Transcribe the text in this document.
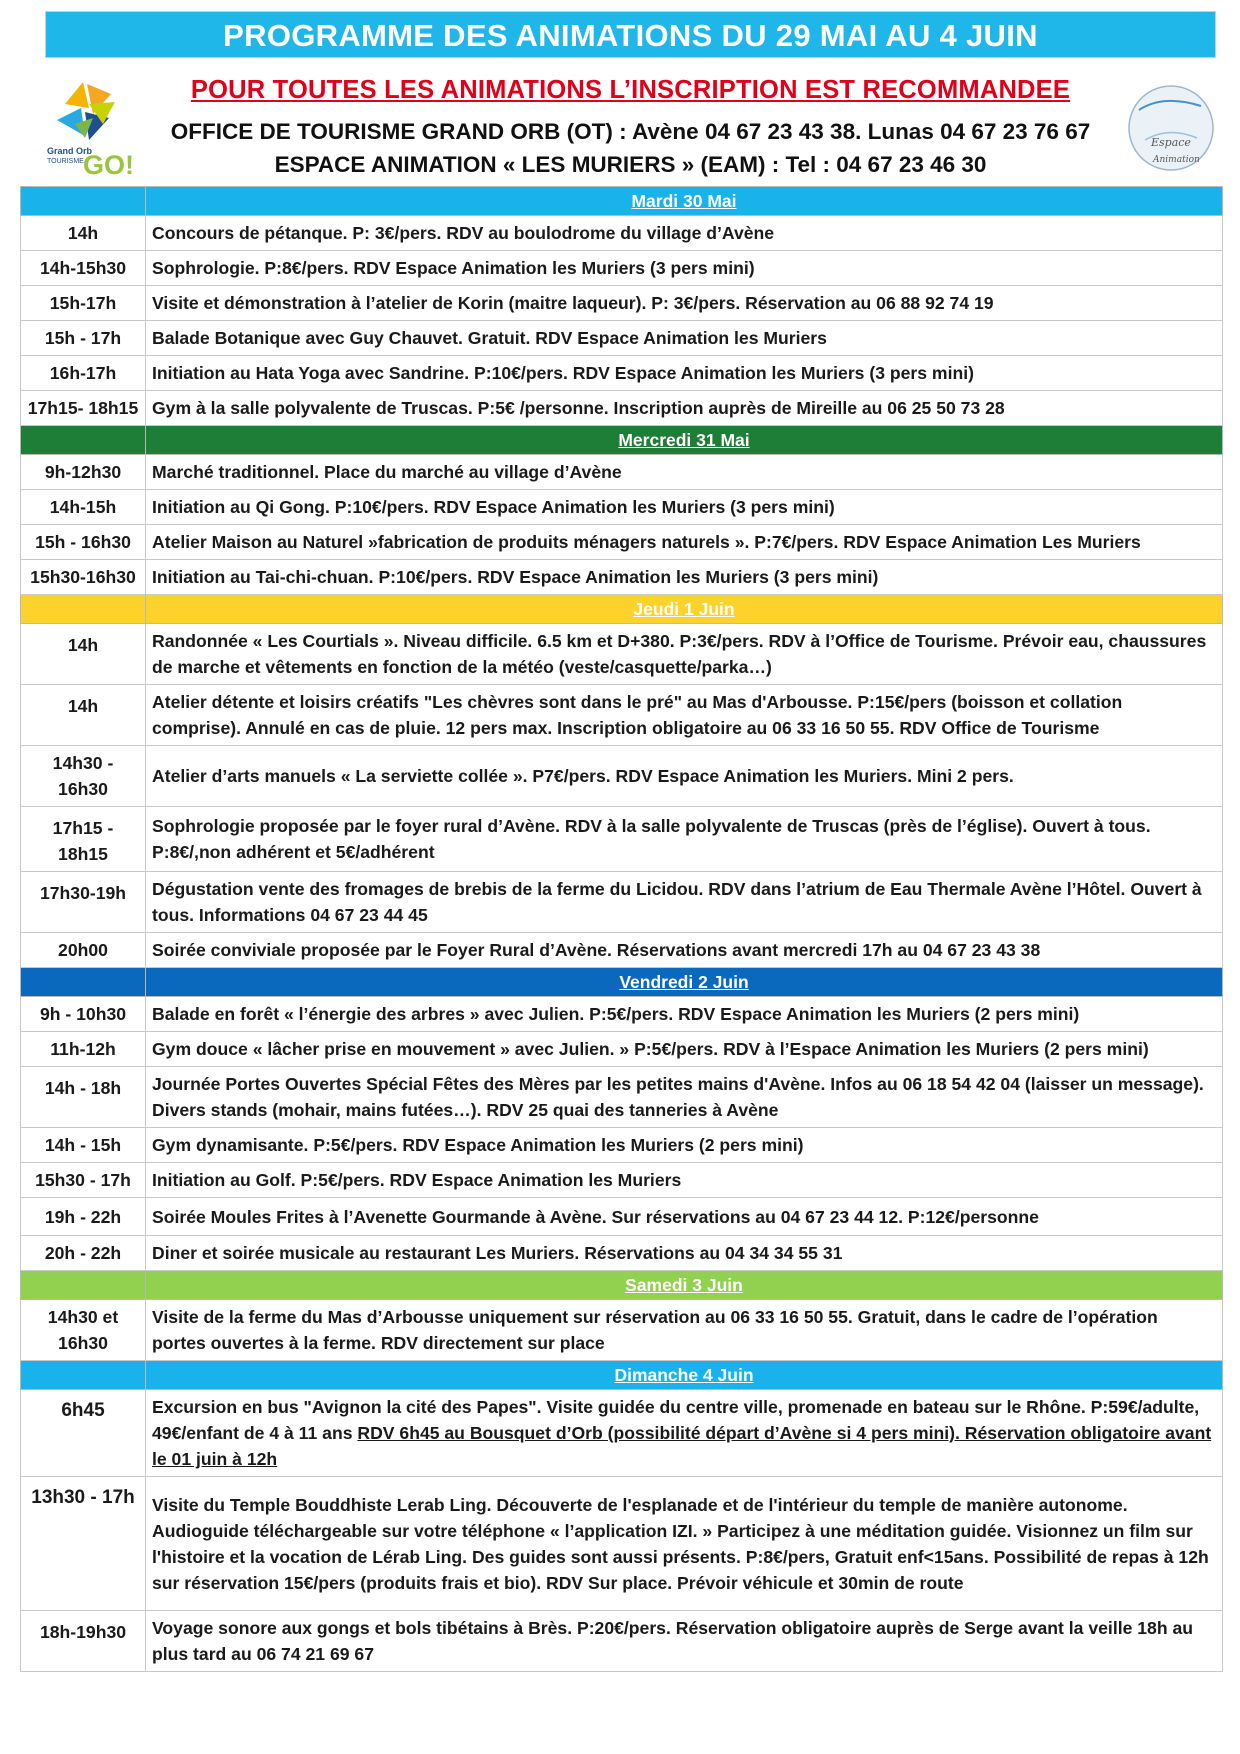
PROGRAMME DES ANIMATIONS DU 29 MAI AU 4 JUIN
Grand Orb
TOURISME GO!
POUR TOUTES LES ANIMATIONS L’INSCRIPTION EST RECOMMANDEE
OFFICE DE TOURISME GRAND ORB (OT) : Avène 04 67 23 43 38. Lunas 04 67 23 76 67
ESPACE ANIMATION « LES MURIERS » (EAM) : Tel : 04 67 23 46 30
Espace
Animation
	Mardi 30 Mai
14h	Concours de pétanque. P: 3€/pers. RDV au boulodrome du village d’Avène
14h-15h30	Sophrologie. P:8€/pers. RDV Espace Animation les Muriers (3 pers mini)
15h-17h	Visite et démonstration à l’atelier de Korin (maitre laqueur). P: 3€/pers. Réservation au 06 88 92 74 19
15h - 17h	Balade Botanique avec Guy Chauvet. Gratuit. RDV Espace Animation les Muriers
16h-17h	Initiation au Hata Yoga avec Sandrine. P:10€/pers. RDV Espace Animation les Muriers (3 pers mini)
17h15- 18h15	Gym à la salle polyvalente de Truscas. P:5€ /personne. Inscription auprès de Mireille au 06 25 50 73 28
	Mercredi 31 Mai
9h-12h30	Marché traditionnel. Place du marché au village d’Avène
14h-15h	Initiation au Qi Gong. P:10€/pers. RDV Espace Animation les Muriers (3 pers mini)
15h - 16h30	Atelier Maison au Naturel »fabrication de produits ménagers naturels ». P:7€/pers. RDV Espace Animation Les Muriers
15h30-16h30	Initiation au Tai-chi-chuan. P:10€/pers. RDV Espace Animation les Muriers (3 pers mini)
	Jeudi 1 Juin
14h	Randonnée « Les Courtials ». Niveau difficile. 6.5 km et D+380. P:3€/pers. RDV à l’Office de Tourisme. Prévoir eau, chaussures de marche et vêtements en fonction de la météo (veste/casquette/parka…)
14h	Atelier détente et loisirs créatifs "Les chèvres sont dans le pré" au Mas d'Arbousse. P:15€/pers (boisson et collation comprise). Annulé en cas de pluie. 12 pers max. Inscription obligatoire au 06 33 16 50 55. RDV Office de Tourisme
14h30 - 16h30	Atelier d’arts manuels « La serviette collée ». P7€/pers. RDV Espace Animation les Muriers. Mini 2 pers.
17h15 - 18h15	Sophrologie proposée par le foyer rural d’Avène. RDV à la salle polyvalente de Truscas (près de l’église). Ouvert à tous. P:8€/,non adhérent et 5€/adhérent
17h30-19h	Dégustation vente des fromages de brebis de la ferme du Licidou. RDV dans l’atrium de Eau Thermale Avène l’Hôtel. Ouvert à tous. Informations 04 67 23 44 45
20h00	Soirée conviviale proposée par le Foyer Rural d’Avène. Réservations avant mercredi 17h au 04 67 23 43 38
	Vendredi 2 Juin
9h - 10h30	Balade en forêt « l’énergie des arbres » avec Julien. P:5€/pers. RDV Espace Animation les Muriers (2 pers mini)
11h-12h	Gym douce « lâcher prise en mouvement » avec Julien. » P:5€/pers. RDV à l’Espace Animation les Muriers (2 pers mini)
14h - 18h	Journée Portes Ouvertes Spécial Fêtes des Mères par les petites mains d'Avène. Infos au 06 18 54 42 04 (laisser un message). Divers stands (mohair, mains futées…). RDV 25 quai des tanneries à Avène
14h - 15h	Gym dynamisante. P:5€/pers. RDV Espace Animation les Muriers (2 pers mini)
15h30 - 17h	Initiation au Golf. P:5€/pers. RDV Espace Animation les Muriers
19h - 22h	Soirée Moules Frites à l’Avenette Gourmande à Avène. Sur réservations au 04 67 23 44 12. P:12€/personne
20h - 22h	Diner et soirée musicale au restaurant Les Muriers. Réservations au 04 34 34 55 31
	Samedi 3 Juin
14h30 et 16h30	Visite de la ferme du Mas d’Arbousse uniquement sur réservation au 06 33 16 50 55. Gratuit, dans le cadre de l’opération portes ouvertes à la ferme. RDV directement sur place
	Dimanche 4 Juin
6h45	Excursion en bus "Avignon la cité des Papes". Visite guidée du centre ville, promenade en bateau sur le Rhône. P:59€/adulte, 49€/enfant de 4 à 11 ans RDV 6h45 au Bousquet d’Orb (possibilité départ d’Avène si 4 pers mini). Réservation obligatoire avant le 01 juin à 12h
13h30 - 17h	Visite du Temple Bouddhiste Lerab Ling. Découverte de l'esplanade et de l'intérieur du temple de manière autonome. Audioguide téléchargeable sur votre téléphone « l’application IZI. » Participez à une méditation guidée. Visionnez un film sur l'histoire et la vocation de Lérab Ling. Des guides sont aussi présents. P:8€/pers, Gratuit enf<15ans. Possibilité de repas à 12h sur réservation 15€/pers (produits frais et bio). RDV Sur place. Prévoir véhicule et 30min de route
18h-19h30	Voyage sonore aux gongs et bols tibétains à Brès. P:20€/pers. Réservation obligatoire auprès de Serge avant la veille 18h au plus tard au 06 74 21 69 67
